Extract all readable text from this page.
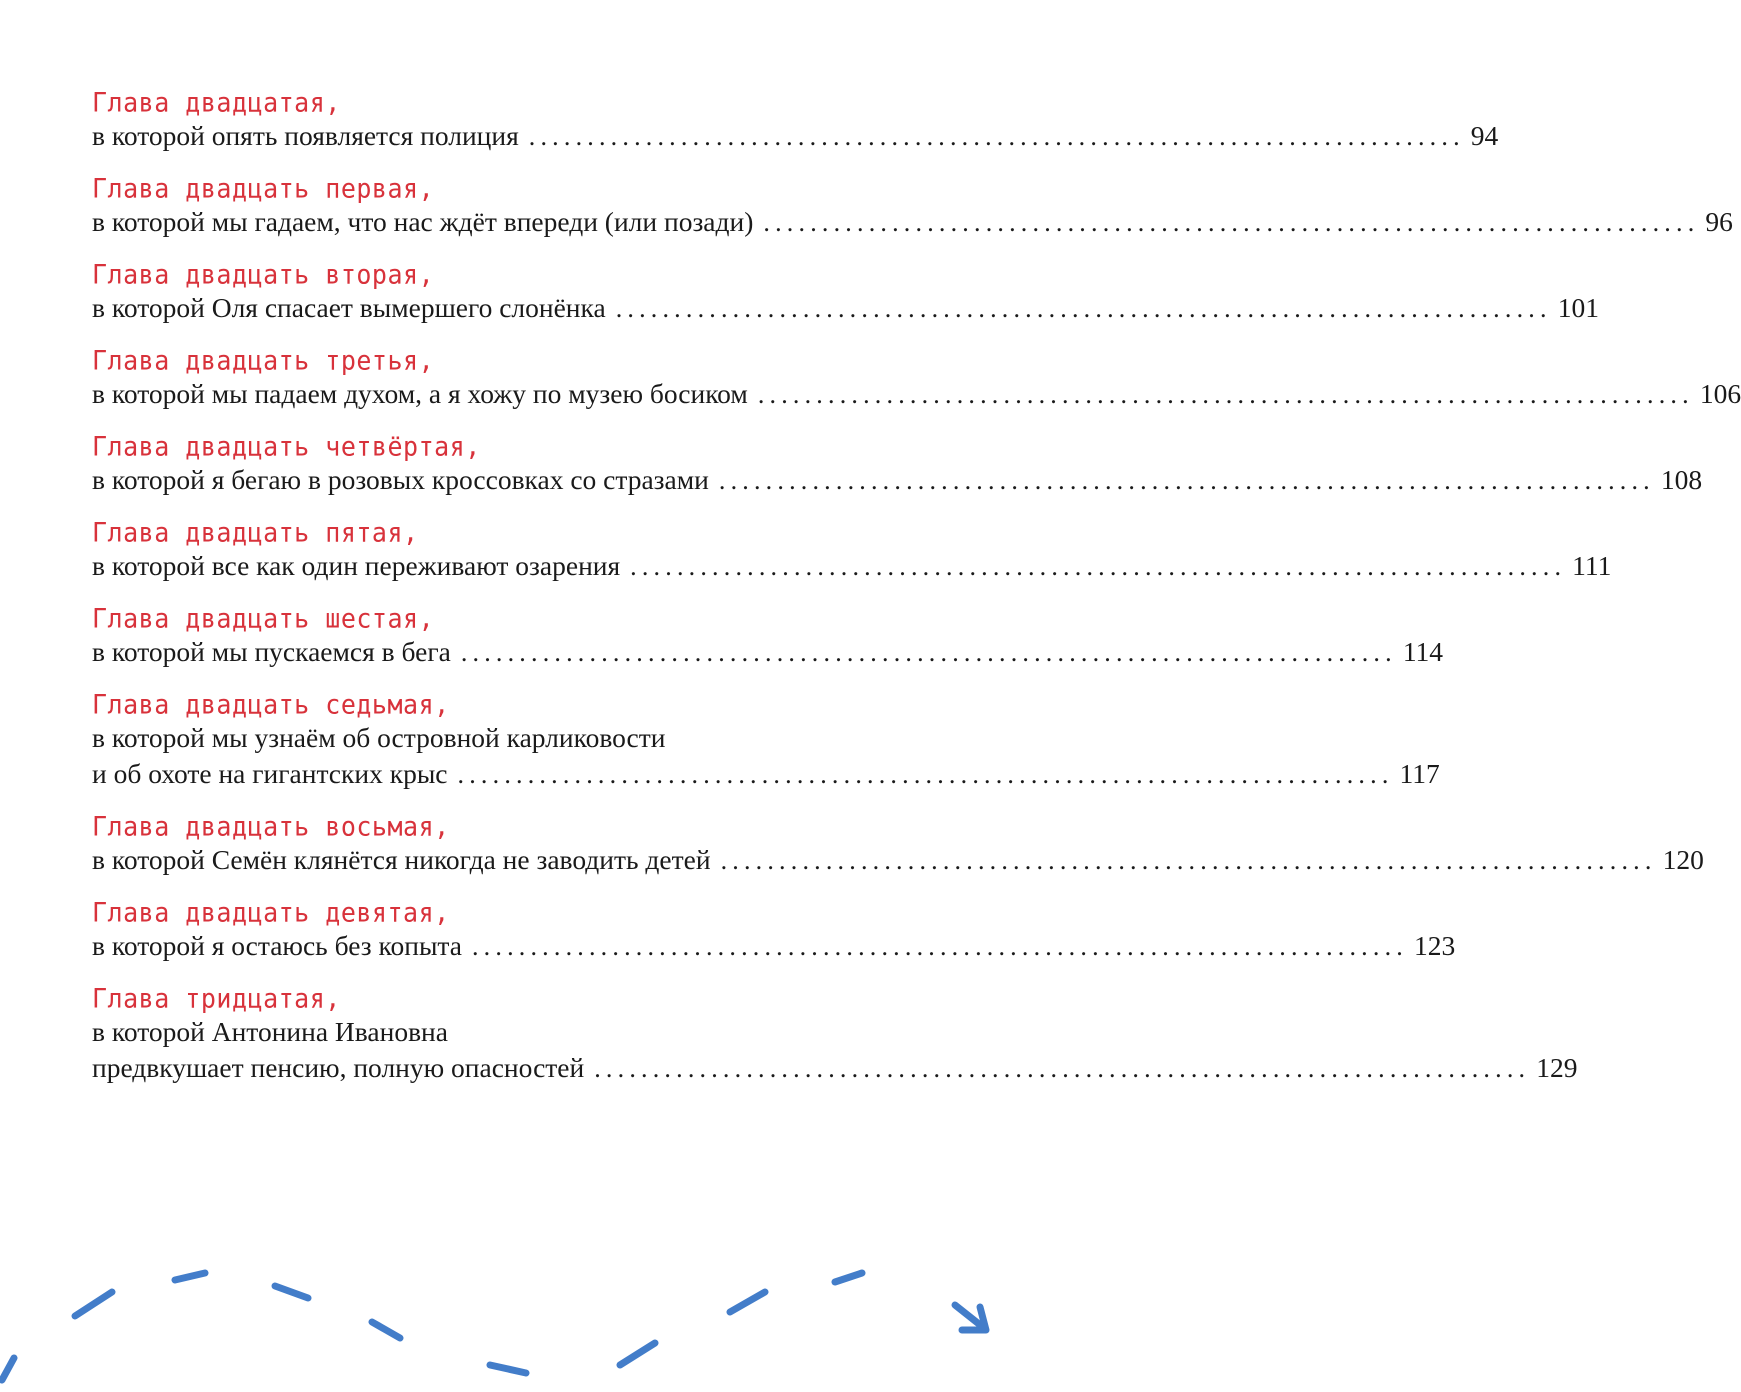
Глава двадцатая,
в которой опять появляется полиция ................................................................................ 94
Глава двадцать первая,
в которой мы гадаем, что нас ждёт впереди (или позади) ................................................................................ 96
Глава двадцать вторая,
в которой Оля спасает вымершего слонёнка ................................................................................ 101
Глава двадцать третья,
в которой мы падаем духом, а я хожу по музею босиком ................................................................................ 106
Глава двадцать четвёртая,
в которой я бегаю в розовых кроссовках со стразами ................................................................................ 108
Глава двадцать пятая,
в которой все как один переживают озарения ................................................................................ 111
Глава двадцать шестая,
в которой мы пускаемся в бега ................................................................................ 114
Глава двадцать седьмая,
в которой мы узнаём об островной карликовости
и об охоте на гигантских крыс ................................................................................ 117
Глава двадцать восьмая,
в которой Семён клянётся никогда не заводить детей ................................................................................ 120
Глава двадцать девятая,
в которой я остаюсь без копыта ................................................................................ 123
Глава тридцатая,
в которой Антонина Ивановна
предвкушает пенсию, полную опасностей ................................................................................ 129
